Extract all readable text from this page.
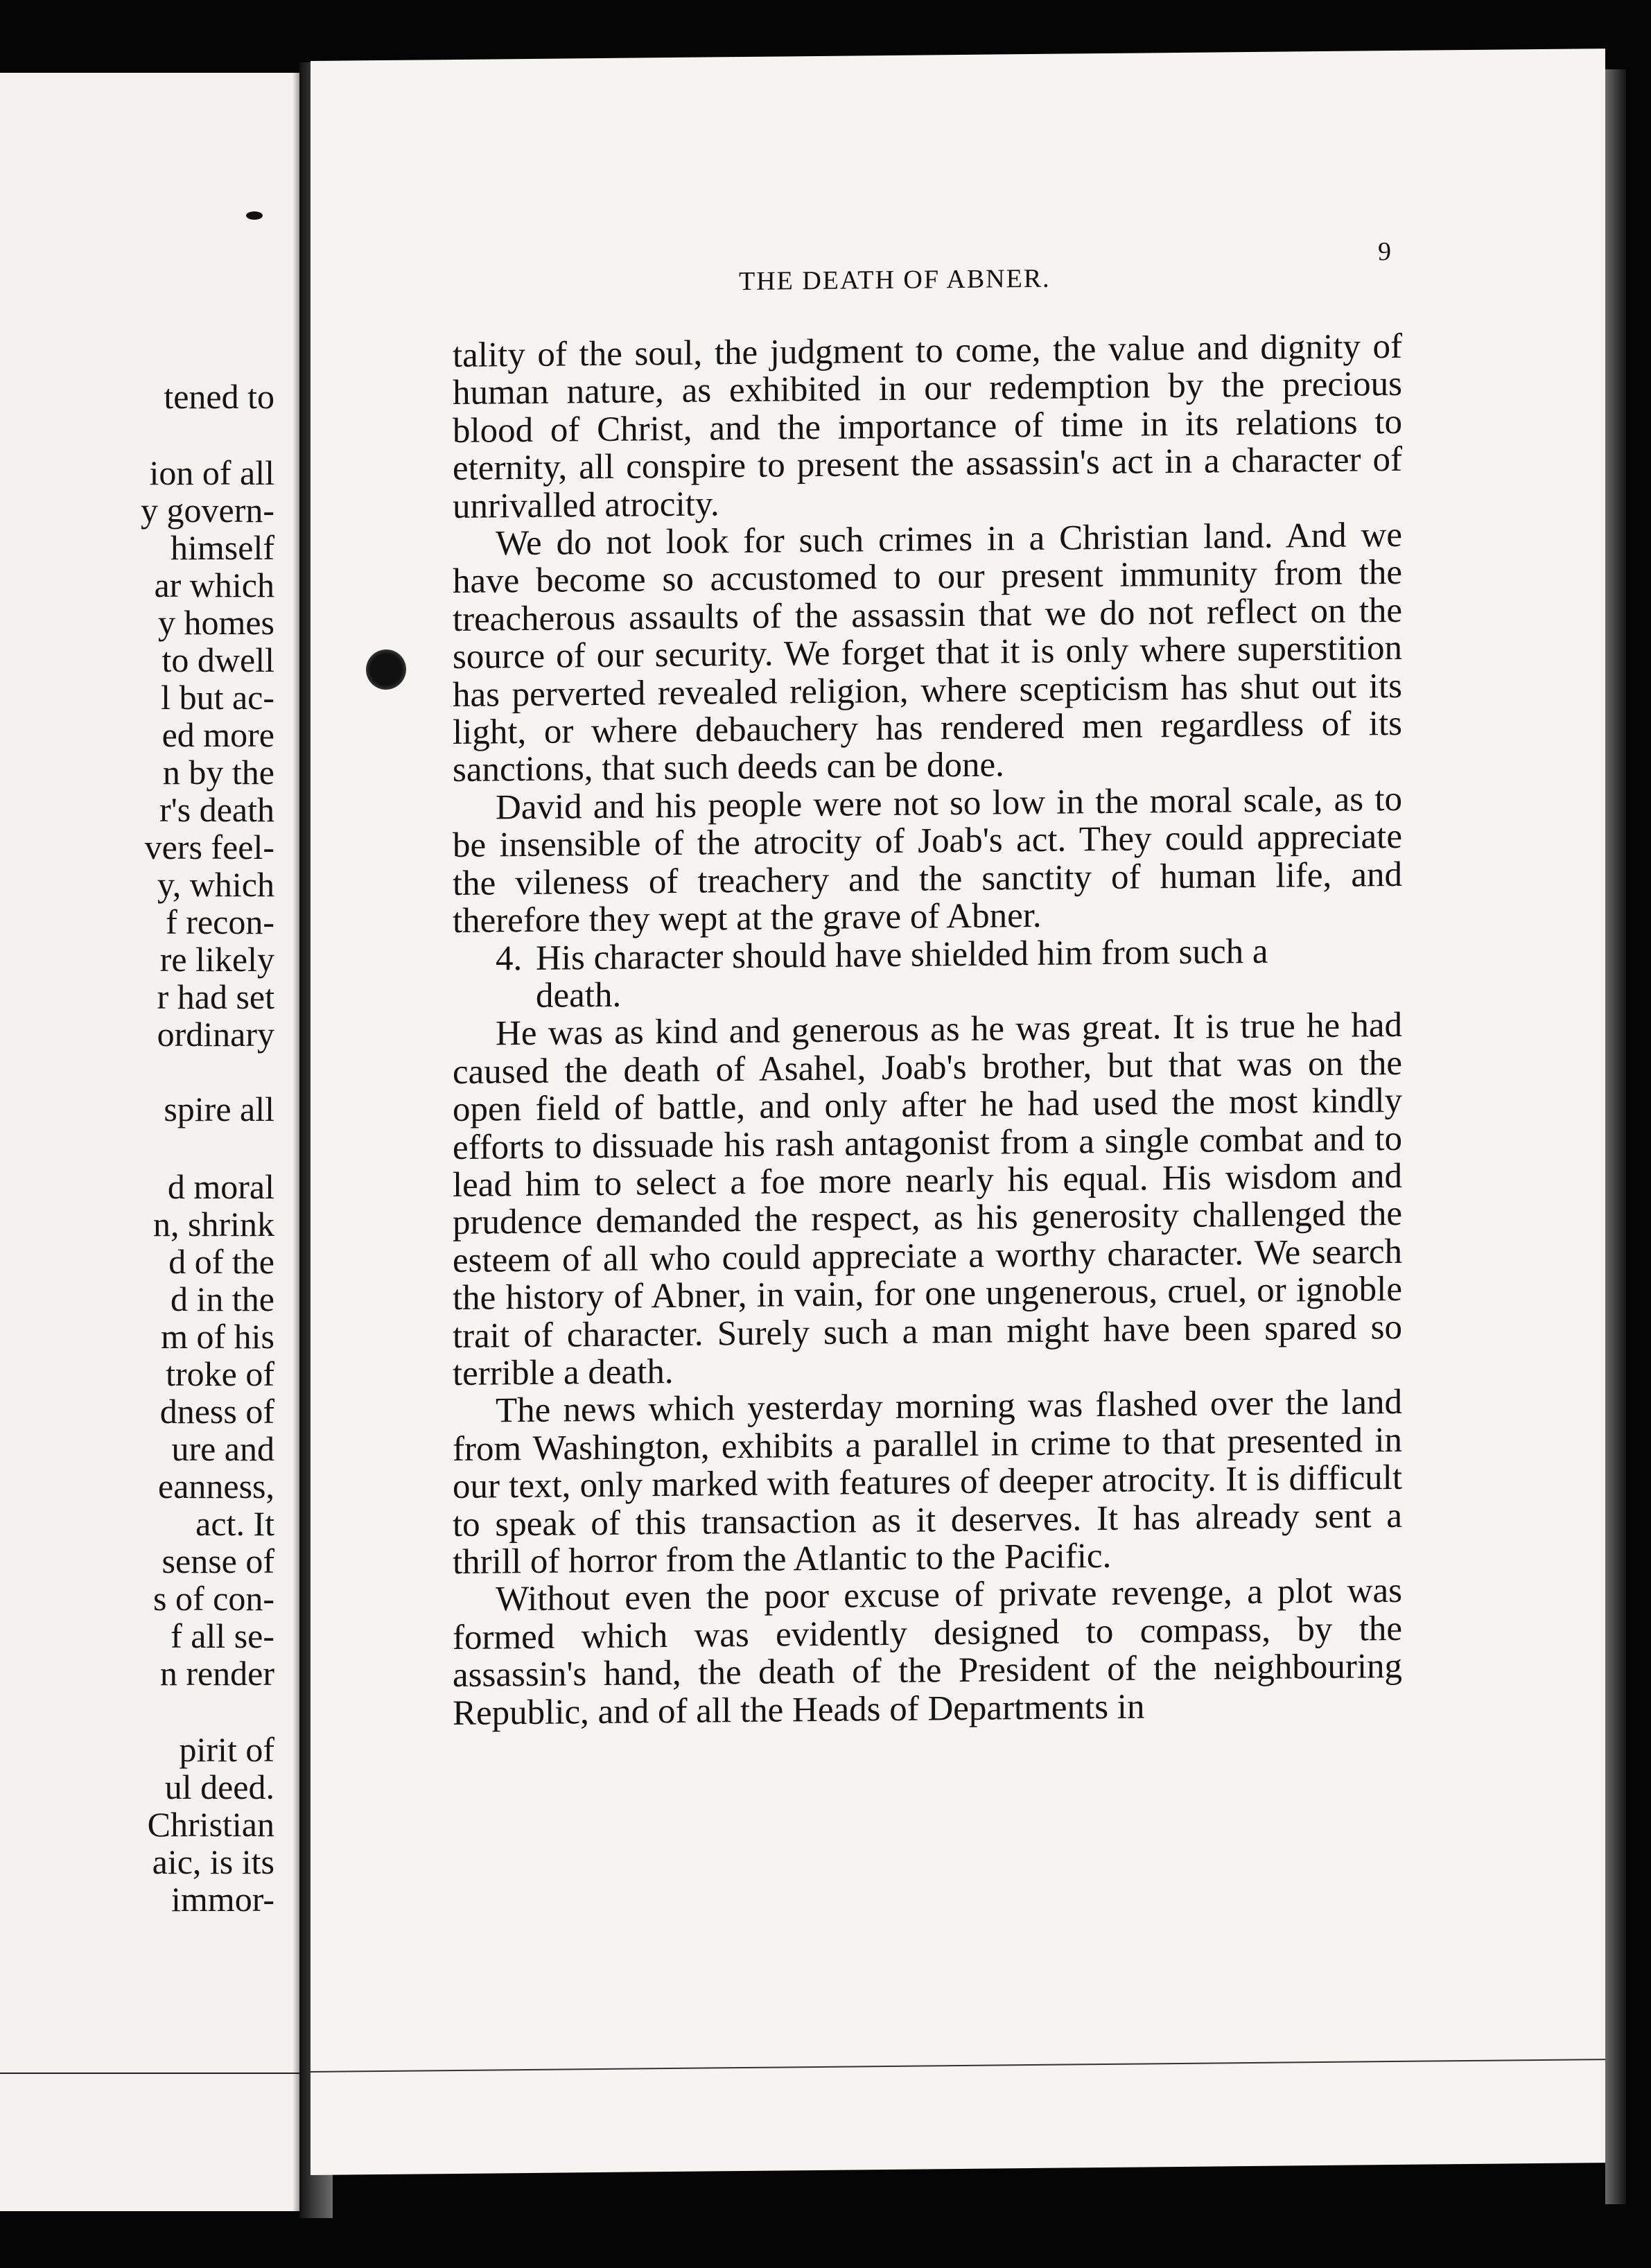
tened to
ion of all
y govern-
himself
ar which
y homes
to dwell
l but ac-
ed more
n by the
r's death
vers feel-
y, which
f recon-
re likely
r had set
ordinary
spire all
d moral
n, shrink
d of the
d in the
m of his
troke of
dness of
ure and
eanness,
act. It
sense of
s of con-
f all se-
n render
pirit of
ul deed.
Christian
aic, is its
immor-
THE DEATH OF ABNER.
9

tality of the soul, the judgment to come, the value and dignity of human nature, as exhibited in our redemption by the precious blood of Christ, and the importance of time in its relations to eternity, all conspire to present the assassin's act in a character of unrivalled atrocity.

We do not look for such crimes in a Christian land. And we have become so accustomed to our present immunity from the treacherous assaults of the assassin that we do not reflect on the source of our security. We forget that it is only where superstition has perverted revealed religion, where scepticism has shut out its light, or where debauchery has rendered men regardless of its sanctions, that such deeds can be done.

David and his people were not so low in the moral scale, as to be insensible of the atrocity of Joab's act. They could appreciate the vileness of treachery and the sanctity of human life, and therefore they wept at the grave of Abner.

4. His character should have shielded him from such a
death.

He was as kind and generous as he was great. It is true he had caused the death of Asahel, Joab's brother, but that was on the open field of battle, and only after he had used the most kindly efforts to dissuade his rash antagonist from a single combat and to lead him to select a foe more nearly his equal. His wisdom and prudence demanded the respect, as his generosity challenged the esteem of all who could appreciate a worthy character. We search the history of Abner, in vain, for one ungenerous, cruel, or ignoble trait of character. Surely such a man might have been spared so terrible a death.

The news which yesterday morning was flashed over the land from Washington, exhibits a parallel in crime to that presented in our text, only marked with features of deeper atrocity. It is difficult to speak of this transaction as it deserves. It has already sent a thrill of horror from the Atlantic to the Pacific.

Without even the poor excuse of private revenge, a plot was formed which was evidently designed to compass, by the assassin's hand, the death of the President of the neighbouring Republic, and of all the Heads of Departments in
